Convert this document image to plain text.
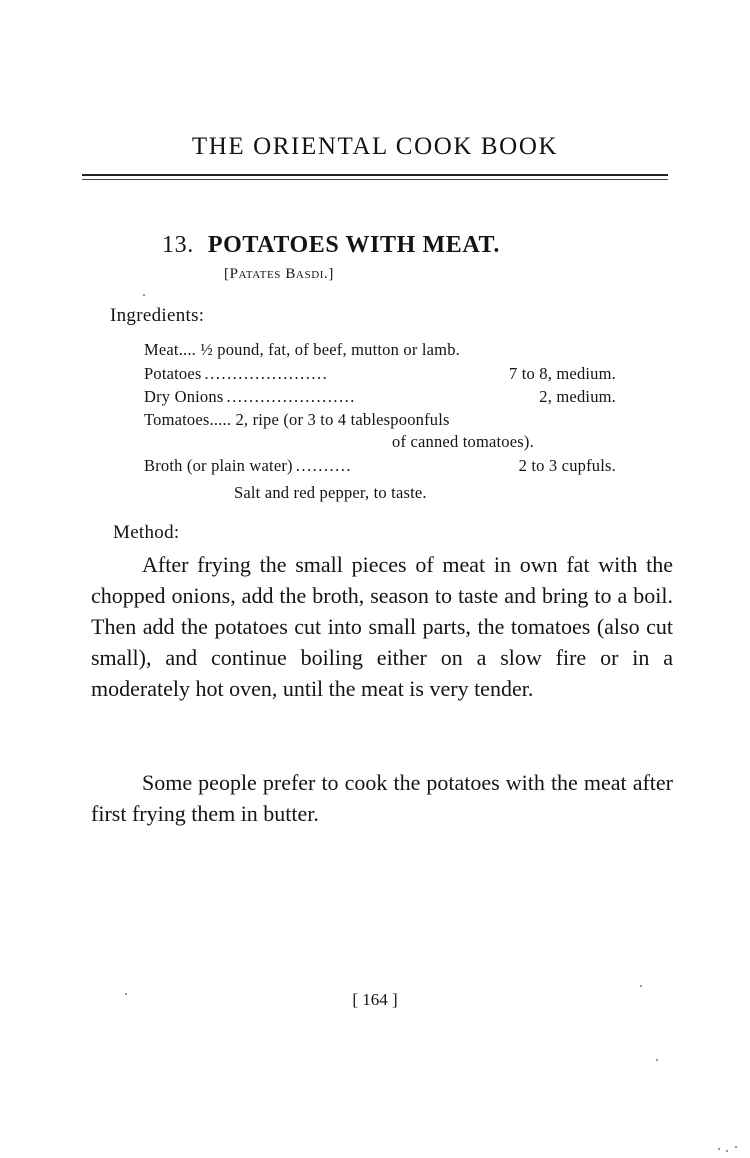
THE ORIENTAL COOK BOOK
13. POTATOES WITH MEAT.
[Patates Basdi.]
Ingredients:
Meat.... ½ pound, fat, of beef, mutton or lamb.
Potatoes ......................	7 to 8, medium.
Dry Onions .......................	2, medium.
Tomatoes..... 2, ripe (or 3 to 4 tablespoonfuls
of canned tomatoes).
Broth (or plain water) ..........	2 to 3 cupfuls.
Salt and red pepper, to taste.
Method:

After frying the small pieces of meat in own fat with the chopped onions, add the broth, season to taste and bring to a boil. Then add the potatoes cut into small parts, the tomatoes (also cut small), and continue boiling either on a slow fire or in a moderately hot oven, until the meat is very tender.

Some people prefer to cook the potatoes with the meat after first frying them in butter.

[ 164 ]
